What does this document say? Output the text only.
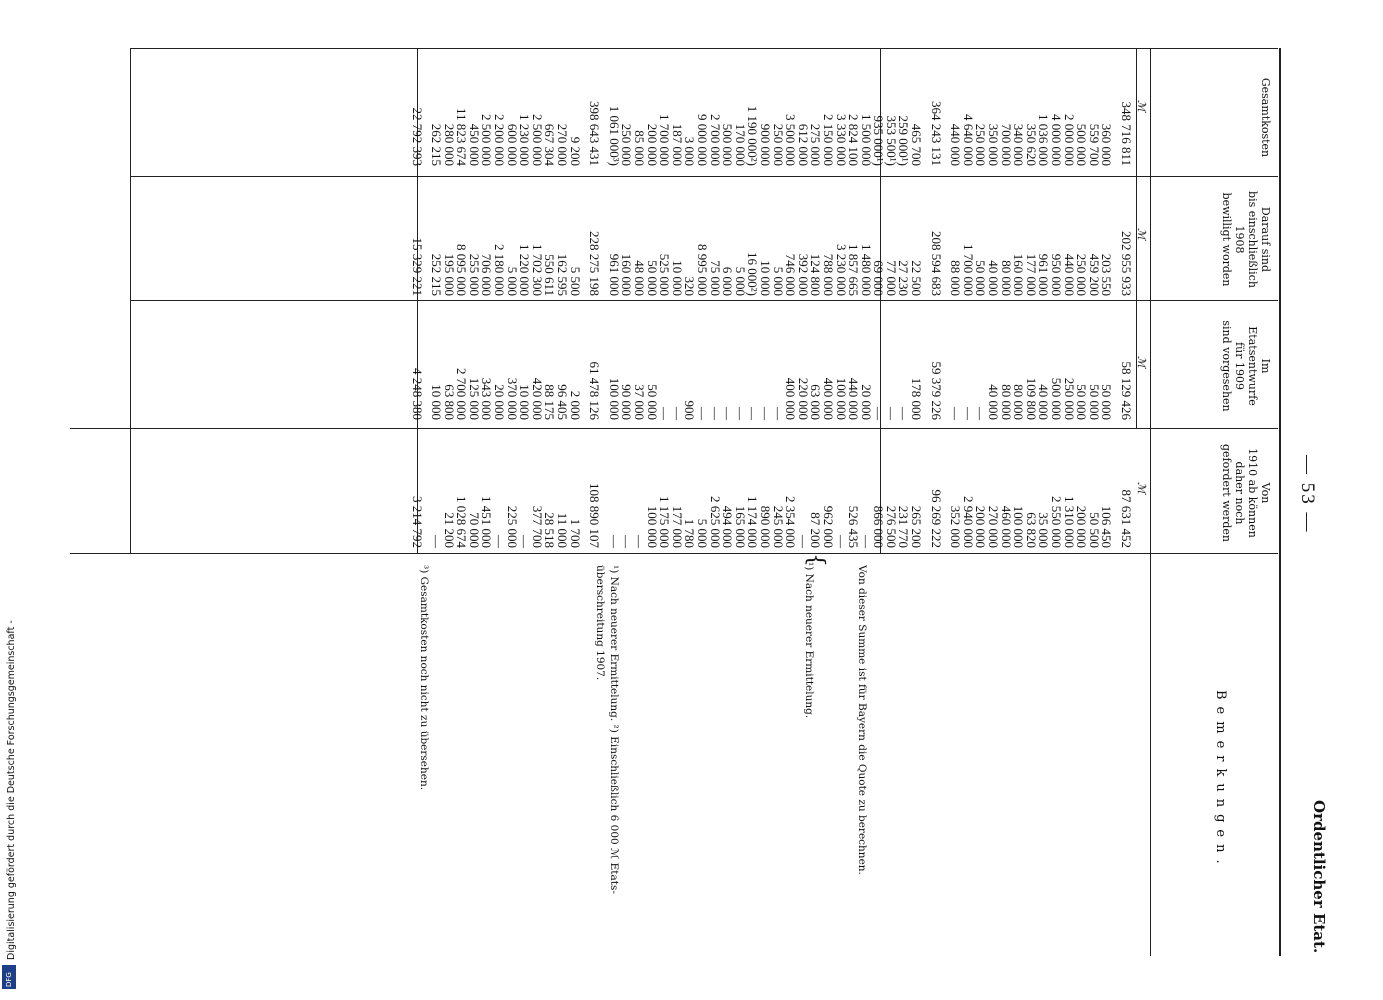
Ordentlicher Etat.
— 53 —
Gesamtkosten
Darauf sind
bis einschließlich
1908
bewilligt worden
Im
Etatsentwurfe
für 1909
sind vorgesehen
Von
1910 ab können
daher noch
gefordert werden
Bemerkungen.
ℳ
ℳ
ℳ
ℳ
348 716 811
360 000
559 700
500 000
2 000 000
4 000 000
1 036 000
350 620
340 000
700 000
350 000
250 000
4 640 000
440 000
364 243 131
465 700
259 000¹)
353 500¹)
935 000¹)
1 500 000
2 824 100
3 330 000
2 150 000
275 000
612 000
3 500 000
250 000
900 000
1 190 000²)
170 000
500 000
2 700 000
9 000 000
3 000
187 000
1 700 000
200 000
85 000
250 000
1 061 000³)
398 643 431
9 200
270 000
667 304
2 500 000
1 230 000
600 000
2 200 000
2 500 000
450 000
11 823 674
280 000
262 215
22 792 393
202 955 933
203 550
459 200
250 000
440 000
950 000
961 000
177 000
160 000
80 000
40 000
50 000
1 700 000
88 000
208 594 683
22 500
27 230
77 000
69 000
1 480 000
1 857 665
3 230 000
788 000
124 800
392 000
746 000
5 000
10 000
16 000²)
5 000
6 000
75 000
8 995 000
320
10 000
525 000
50 000
48 000
160 000
961 000
228 275 198
5 500
162 595
550 611
1 702 300
1 220 000
5 000
2 180 000
706 000
255 000
8 095 000
195 000
252 215
15 329 221
58 129 426
50 000
50 000
50 000
250 000
500 000
40 000
109 800
80 000
80 000
40 000
—
—
—
59 379 226
178 000
—
—
—
20 000
440 000
100 000
400 000
63 000
220 000
400 000
—
—
—
—
—
—
—
900
—
—
50 000
37 000
90 000
100 000
61 478 126
2 000
96 405
88 175
420 000
10 000
370 000
20 000
343 000
125 000
2 700 000
63 800
10 000
4 248 380
87 631 452
106 450
50 500
200 000
1 310 000
2 550 000
35 000
63 820
100 000
460 000
270 000
200 000
2 940 000
352 000
96 269 222
265 200
231 770
276 500
866 000
—
526 435
—
962 000
87 200
—
2 354 000
245 000
890 000
1 174 000
165 000
494 000
2 625 000
5 000
1 780
177 000
1 175 000
100 000
—
—
—
108 890 107
1 700
11 000
28 518
377 700
—
225 000
—
1 451 000
70 000
1 028 674
21 200
—
3 214 792
Von dieser Summe ist für Bayern die Quote zu berechnen.
¹) Nach neuerer Ermittelung.
{
¹) Nach neuerer Ermittelung. ²) Einschließlich 6 000 ℳ Etats-
überschreitung 1907.
³) Gesamtkosten noch nicht zu übersehen.
Digitalisierung gefördert durch die Deutsche Forschungsgemeinschaft -
DFG
